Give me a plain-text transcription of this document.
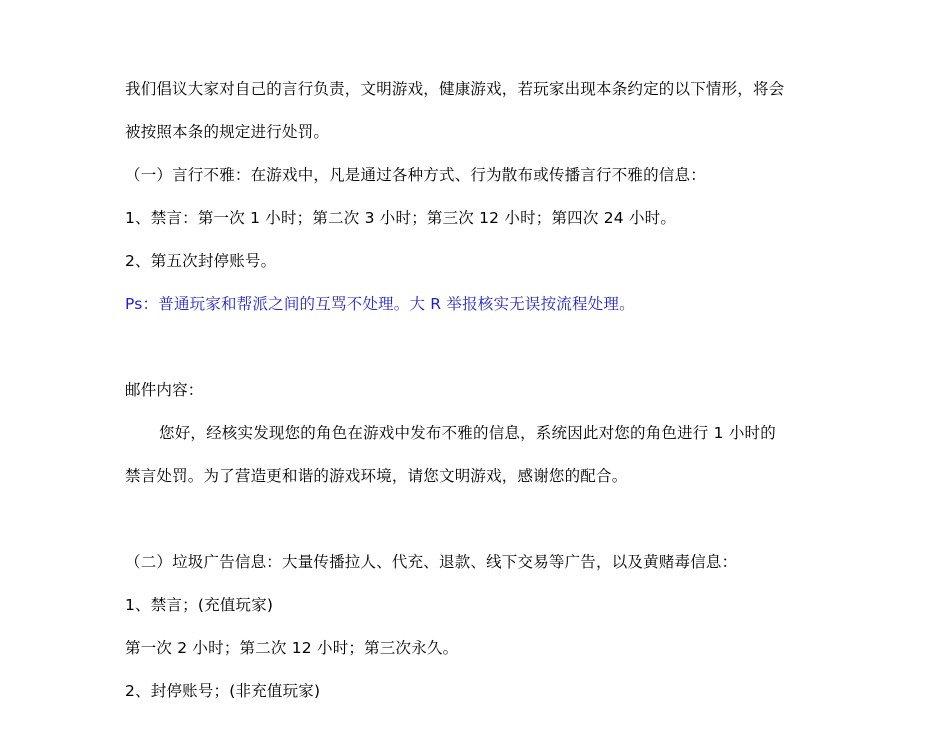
我们倡议大家对自己的言行负责，文明游戏，健康游戏，若玩家出现本条约定的以下情形，将会
被按照本条的规定进行处罚。
（一）言行不雅：在游戏中，凡是通过各种方式、行为散布或传播言行不雅的信息：
1、禁言：第一次 1 小时；第二次 3 小时；第三次 12 小时；第四次 24 小时。
2、第五次封停账号。
Ps：普通玩家和帮派之间的互骂不处理。大 R 举报核实无误按流程处理。
邮件内容：
您好，经核实发现您的角色在游戏中发布不雅的信息，系统因此对您的角色进行 1 小时的
禁言处罚。为了营造更和谐的游戏环境，请您文明游戏，感谢您的配合。
（二）垃圾广告信息：大量传播拉人、代充、退款、线下交易等广告，以及黄赌毒信息：
1、禁言；(充值玩家)
第一次 2 小时；第二次 12 小时；第三次永久。
2、封停账号；(非充值玩家)
